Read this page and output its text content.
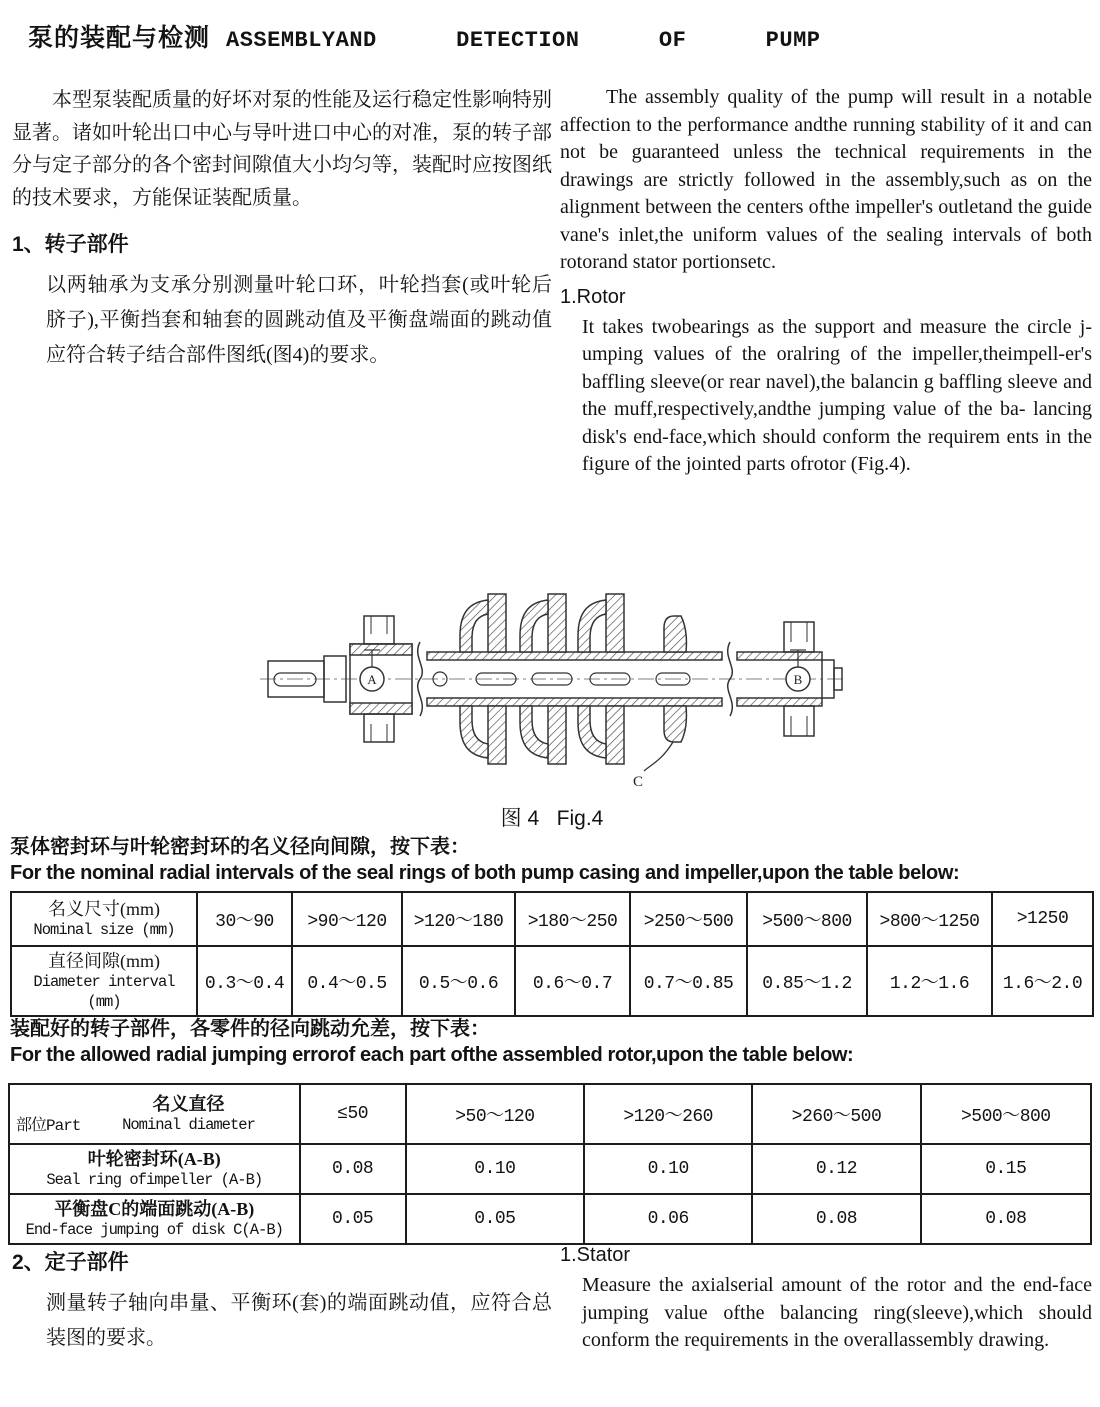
泵的装配与检测 ASSEMBLYAND  DETECTION  OF  PUMP
本型泵装配质量的好坏对泵的性能及运行稳定性影响特别显著。诸如叶轮出口中心与导叶进口中心的对准，泵的转子部分与定子部分的各个密封间隙值大小均匀等，装配时应按图纸的技术要求，方能保证装配质量。
1、转子部件
以两轴承为支承分别测量叶轮口环，叶轮挡套(或叶轮后脐子),平衡挡套和轴套的圆跳动值及平衡盘端面的跳动值应符合转子结合部件图纸(图4)的要求。
The assembly quality of the pump will result in a notable affection to the performance andthe running stability of it and can not be guaranteed unless the technical requirements in the drawings are strictly followed in the assembly,such as on the alignment between the centers ofthe impeller's outletand the guide vane's inlet,the uniform values of the sealing intervals of both rotorand stator portionsetc.
1.Rotor
It takes twobearings as the support and measure the circle j- umping values of the oralring of the impeller,theimpell-er's baffling sleeve(or rear navel),the balancin g baffling sleeve and the muff,respectively,andthe jumping value of the ba- lancing disk's end-face,which should conform the requirem ents in the figure of the jointed parts ofrotor (Fig.4).
A	B
C
图 4   Fig.4
泵体密封环与叶轮密封环的名义径向间隙，按下表：
For the nominal radial intervals of the seal rings of both pump casing and impeller,upon the table below:
名义尺寸(mm)
Nominal size (mm)	30～90	>90～120	>120～180	>180～250	>250～500	>500～800	>800～1250	>1250

直径间隙(mm)
Diameter interval (mm)	0.3～0.4	0.4～0.5	0.5～0.6	0.6～0.7	0.7～0.85	0.85～1.2	1.2～1.6	1.6～2.0
装配好的转子部件，各零件的径向跳动允差，按下表：
For the allowed radial jumping errorof each part ofthe assembled rotor,upon the table below:
部位Part
名义直径
Nominal diameter	≤50	>50～120	>120～260	>260～500	>500～800

叶轮密封环(A-B)
Seal ring ofimpeller (A-B)	0.08	0.10	0.10	0.12	0.15

平衡盘C的端面跳动(A-B)
End-face jumping of disk C(A-B)	0.05	0.05	0.06	0.08	0.08
2、定子部件
测量转子轴向串量、平衡环(套)的端面跳动值，应符合总装图的要求。
1.Stator
Measure the axialserial amount of the rotor and the end-face jumping value ofthe balancing ring(sleeve),which should conform the requirements in the overallassembly drawing.
